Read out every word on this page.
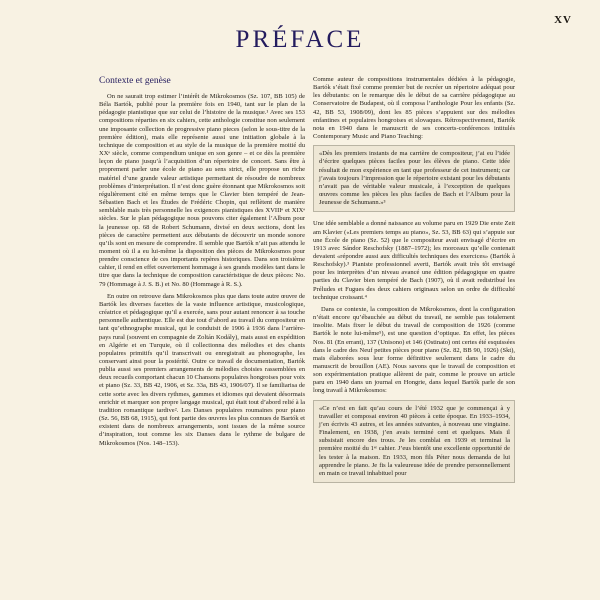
XV
PRÉFACE
Contexte et genèse

On ne saurait trop estimer l’intérêt de Mikrokosmos (Sz. 107, BB 105) de Béla Bartók, publié pour la première fois en 1940, tant sur le plan de la pédagogie pianistique que sur celui de l’histoire de la musique.¹ Avec ses 153 compositions réparties en six cahiers, cette anthologie constitue non seulement une imposante collection de progressive piano pieces (selon le sous-titre de la première édition), mais elle représente aussi une initiation globale à la technique de composition et au style de la musique de la première moitié du XXᵉ siècle, comme compendium unique en son genre – et ce dès la première leçon de piano jusqu’à l’acquisition d’un répertoire de concert. Sans être à proprement parler une école de piano au sens strict, elle propose un riche matériel d’une grande valeur artistique permettant de résoudre de nombreux problèmes d’interprétation. Il n’est donc guère étonnant que Mikrokosmos soit régulièrement cité en même temps que le Clavier bien tempéré de Jean-Sébastien Bach et les Études de Frédéric Chopin, qui reflètent de manière semblable mais très personnelle les exigences pianistiques des XVIIIᵉ et XIXᵉ siècles. Sur le plan pédagogique nous pouvons citer également l’Album pour la jeunesse op. 68 de Robert Schumann, divisé en deux sections, dont les pièces de caractère permettent aux débutants de découvrir un monde sonore qu’ils sont en mesure de comprendre. Il semble que Bartók n’ait pas attendu le moment où il a eu lui-même la disposition des pièces de Mikrokosmos pour prendre conscience de ces importants repères historiques. Dans son troisième cahier, il rend en effet ouvertement hommage à ses grands modèles tant dans le titre que dans la technique de composition caractéristique de deux pièces: No. 79 (Hommage à J. S. B.) et No. 80 (Hommage à R. S.).

En outre on retrouve dans Mikrokosmos plus que dans toute autre œuvre de Bartók les diverses facettes de la vaste influence artistique, musicologique, créatrice et pédagogique qu’il a exercée, sans pour autant renoncer à sa touche personnelle authentique. Elle est due tout d’abord au travail du compositeur en tant qu’ethnographe musical, qui le conduisit de 1906 à 1936 dans l’arrière-pays rural (souvent en compagnie de Zoltán Kodály), mais aussi en expédition en Algérie et en Turquie, où il collectionna des mélodies et des chants populaires primitifs qu’il transcrivait ou enregistrait au phonographe, les conservant ainsi pour la postérité. Outre ce travail de documentation, Bartók publia aussi ses premiers arrangements de mélodies choisies rassemblées en deux recueils comportant chacun 10 Chansons populaires hongroises pour voix et piano (Sz. 33, BB 42, 1906, et Sz. 33a, BB 43, 1906/07). Il se familiarisa de cette sorte avec les divers rythmes, gammes et idiomes qui devaient désormais enrichir et marquer son propre langage musical, qui était tout d’abord relié à la tradition romantique tardive². Les Danses populaires roumaines pour piano (Sz. 56, BB 68, 1915), qui font partie des œuvres les plus connues de Bartók et existent dans de nombreux arrangements, sont issues de la même source d’inspiration, tout comme les six Danses dans le rythme de bulgare de Mikrokosmos (Nos. 148–153).

Comme auteur de compositions instrumentales dédiées à la pédagogie, Bartók s’était fixé comme premier but de recréer un répertoire adéquat pour les débutants: on le remarque dès le début de sa carrière pédagogique au Conservatoire de Budapest, où il composa l’anthologie Pour les enfants (Sz. 42, BB 53, 1908/09), dont les 85 pièces s’appuient sur des mélodies enfantines et populaires hongroises et slovaques. Rétrospectivement, Bartók nota en 1940 dans le manuscrit de ses concerts-conférences intitulés Contemporary Music and Piano Teaching:

«Dès les premiers instants de ma carrière de compositeur, j’ai eu l’idée d’écrire quelques pièces faciles pour les élèves de piano. Cette idée résultait de mon expérience en tant que professeur de cet instrument; car j’avais toujours l’impression que le répertoire existant pour les débutants n’avait pas de véritable valeur musicale, à l’exception de quelques œuvres comme les pièces les plus faciles de Bach et l’Album pour la Jeunesse de Schumann.»³

Une idée semblable a donné naissance au volume paru en 1929 Die erste Zeit am Klavier («Les premiers temps au piano», Sz. 53, BB 63) qui s’appuie sur une École de piano (Sz. 52) que le compositeur avait envisagé d’écrire en 1913 avec Sándor Reschofsky (1887–1972); les morceaux qu’elle contenait devaient «répondre aussi aux difficultés techniques des exercices» (Bartók à Reschofsky).³ Pianiste professionnel averti, Bartók avait très tôt envisagé pour les interprètes d’un niveau avancé une édition pédagogique en quatre parties du Clavier bien tempéré de Bach (1907), où il avait redistribué les Préludes et Fugues des deux cahiers originaux selon un ordre de difficulté technique croissant.⁴

Dans ce contexte, la composition de Mikrokosmos, dont la configuration n’était encore qu’ébauchée au début du travail, ne semble pas totalement insolite. Mais fixer le début du travail de composition de 1926 (comme Bartók le note lui-même⁵), est une question d’optique. En effet, les pièces Nos. 81 (En errant), 137 (Unisono) et 146 (Ostinato) ont certes été esquissées dans le cadre des Neuf petites pièces pour piano (Sz. 82, BB 90, 1926) (Skt), mais élaborées sous leur forme définitive seulement dans le cadre du manuscrit de brouillon (AE). Nous savons que le travail de composition et son expérimentation pratique allèrent de pair, comme le prouve un article paru en 1940 dans un journal en Hongrie, dans lequel Bartók parle de son long travail à Mikrokosmos:

«Ce n’est en fait qu’au cours de l’été 1932 que je commençai à y travailler et composai environ 40 pièces à cette époque. En 1933–1934, j’en écrivis 43 autres, et les années suivantes, à nouveau une vingtaine. Finalement, en 1938, j’en avais terminé cent et quelques. Mais il subsistait encore des trous. Je les comblai en 1939 et terminai la première moitié du 1ᵉʳ cahier. J’eus bientôt une excellente opportunité de les tester à la maison. En 1933, mon fils Péter nous demanda de lui apprendre le piano. Je fis la valeureuse idée de prendre personnellement en main ce travail inhabituel pour
